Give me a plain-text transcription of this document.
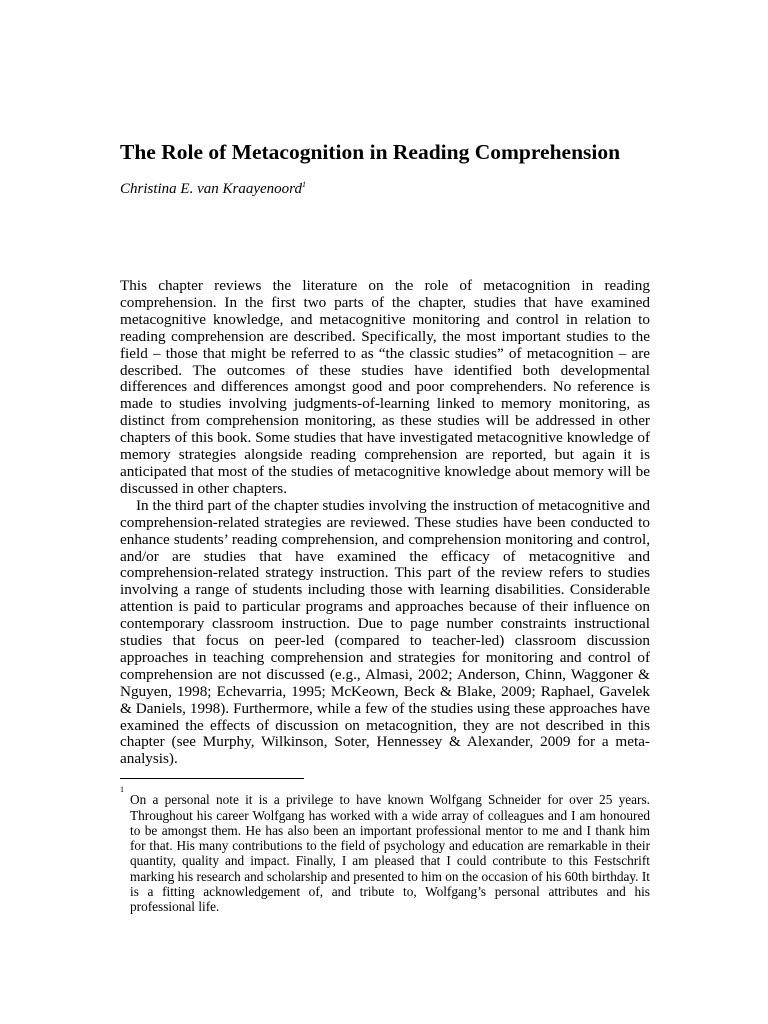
The Role of Metacognition in Reading Comprehension
Christina E. van Kraayenoord$^1$

This chapter reviews the literature on the role of metacognition in reading comprehension. In the first two parts of the chapter, studies that have examined metacognitive knowledge, and metacognitive monitoring and control in relation to reading comprehension are described. Specifically, the most important studies to the field – those that might be referred to as “the classic studies” of metacognition – are described. The outcomes of these studies have identified both developmental differences and differences amongst good and poor comprehenders. No reference is made to studies involving judgments-of-learning linked to memory monitoring, as distinct from comprehension monitoring, as these studies will be addressed in other chapters of this book. Some studies that have investigated metacognitive knowledge of memory strategies alongside reading comprehension are reported, but again it is anticipated that most of the studies of metacognitive knowledge about memory will be discussed in other chapters.

In the third part of the chapter studies involving the instruction of metacognitive and comprehension-related strategies are reviewed. These studies have been conducted to enhance students’ reading comprehension, and comprehension monitoring and control, and/or are studies that have examined the efficacy of metacognitive and comprehension-related strategy instruction. This part of the review refers to studies involving a range of students including those with learning disabilities. Considerable attention is paid to particular programs and approaches because of their influence on contemporary classroom instruction. Due to page number constraints instructional studies that focus on peer-led (compared to teacher-led) classroom discussion approaches in teaching comprehension and strategies for monitoring and control of comprehension are not discussed (e.g., Almasi, 2002; Anderson, Chinn, Waggoner & Nguyen, 1998; Echevarria, 1995; McKeown, Beck & Blake, 2009; Raphael, Gavelek & Daniels, 1998). Furthermore, while a few of the studies using these approaches have examined the effects of discussion on metacognition, they are not described in this chapter (see Murphy, Wilkinson, Soter, Hennessey & Alexander, 2009 for a meta-analysis).

1
On a personal note it is a privilege to have known Wolfgang Schneider for over 25 years. Throughout his career Wolfgang has worked with a wide array of colleagues and I am honoured to be amongst them. He has also been an important professional mentor to me and I thank him for that. His many contributions to the field of psychology and education are remarkable in their quantity, quality and impact. Finally, I am pleased that I could contribute to this Festschrift marking his research and scholarship and presented to him on the occasion of his 60th birthday. It is a fitting acknowledgement of, and tribute to, Wolfgang’s personal attributes and his professional life.
